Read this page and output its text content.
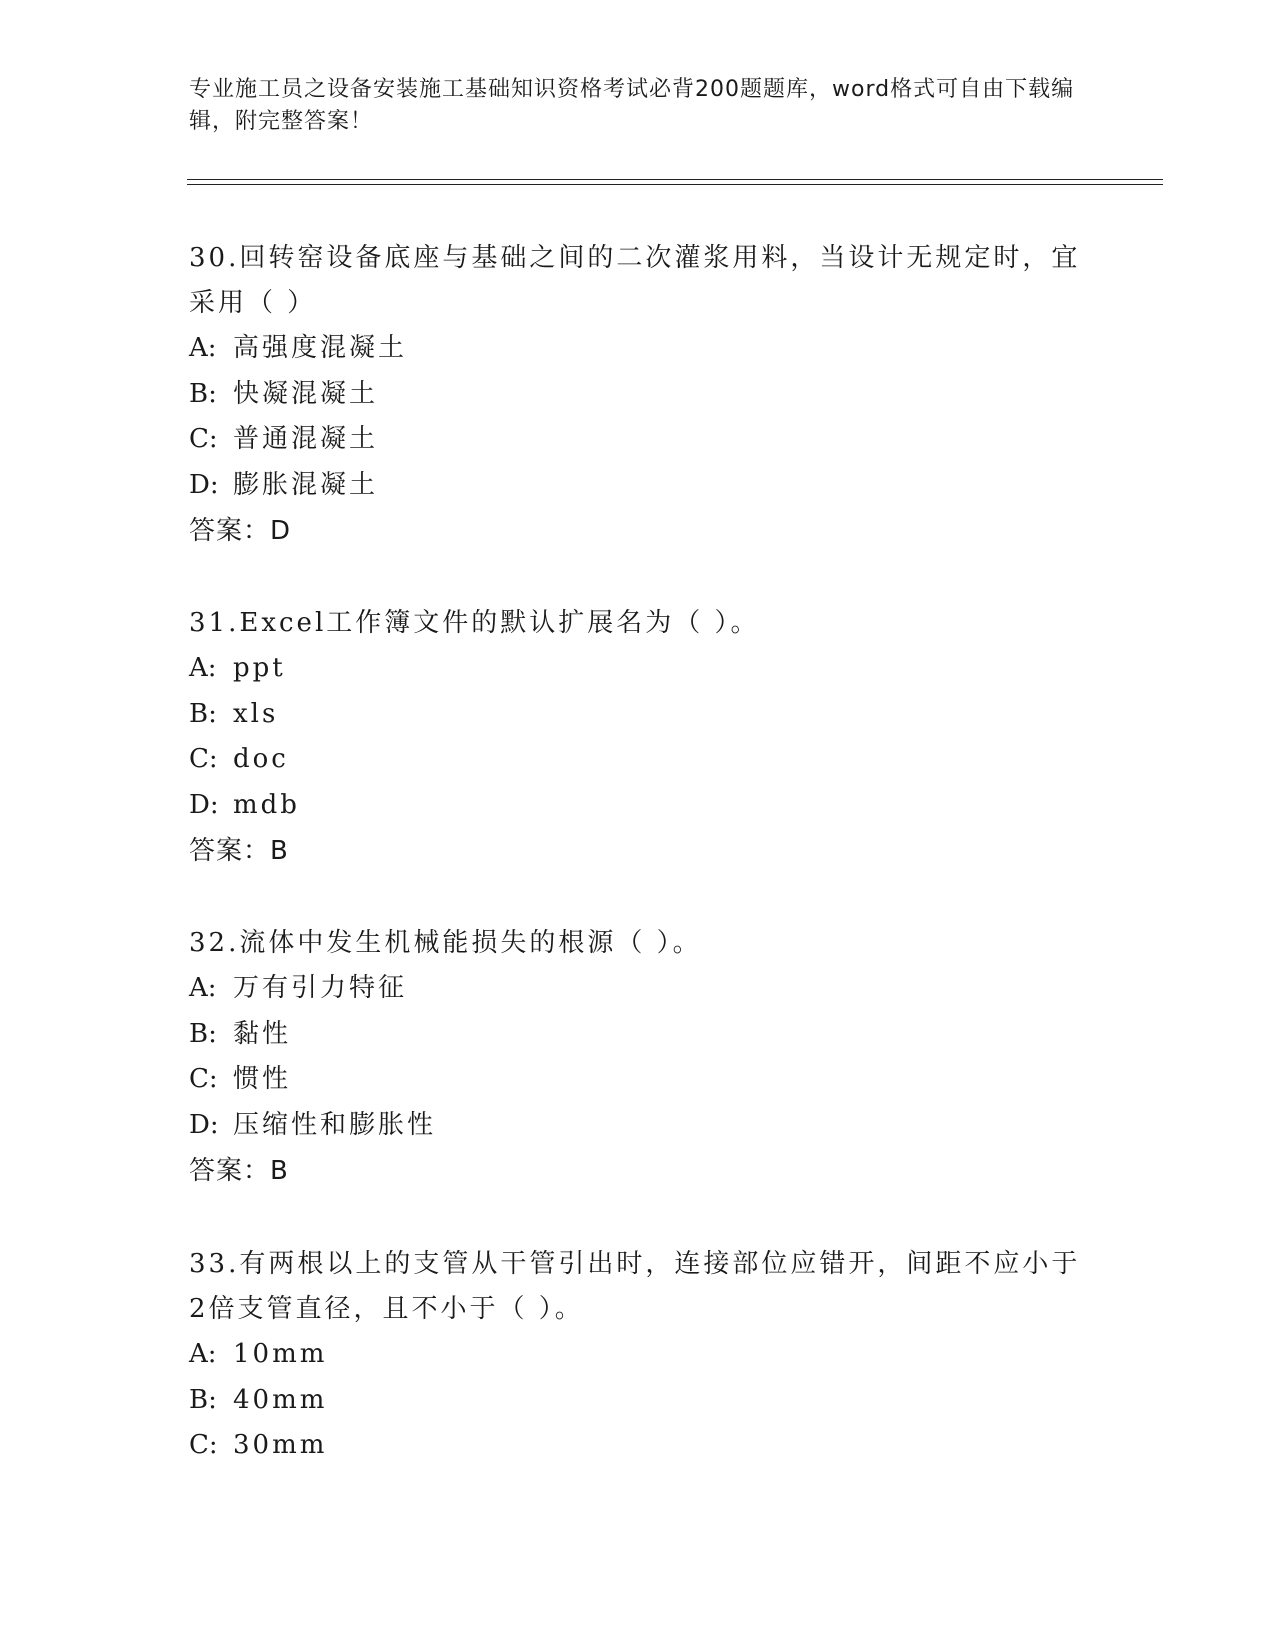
专业施工员之设备安装施工基础知识资格考试必背200题题库，word格式可自由下载编辑，附完整答案！
30.回转窑设备底座与基础之间的二次灌浆用料，当设计无规定时，宜采用（ ）
A: 高强度混凝土
B: 快凝混凝土
C: 普通混凝土
D: 膨胀混凝土
答案：D
31.Excel工作簿文件的默认扩展名为（ ）。
A: ppt
B: xls
C: doc
D: mdb
答案：B
32.流体中发生机械能损失的根源（ ）。
A: 万有引力特征
B: 黏性
C: 惯性
D: 压缩性和膨胀性
答案：B
33.有两根以上的支管从干管引出时，连接部位应错开，间距不应小于2倍支管直径，且不小于（ ）。
A: 10mm
B: 40mm
C: 30mm
